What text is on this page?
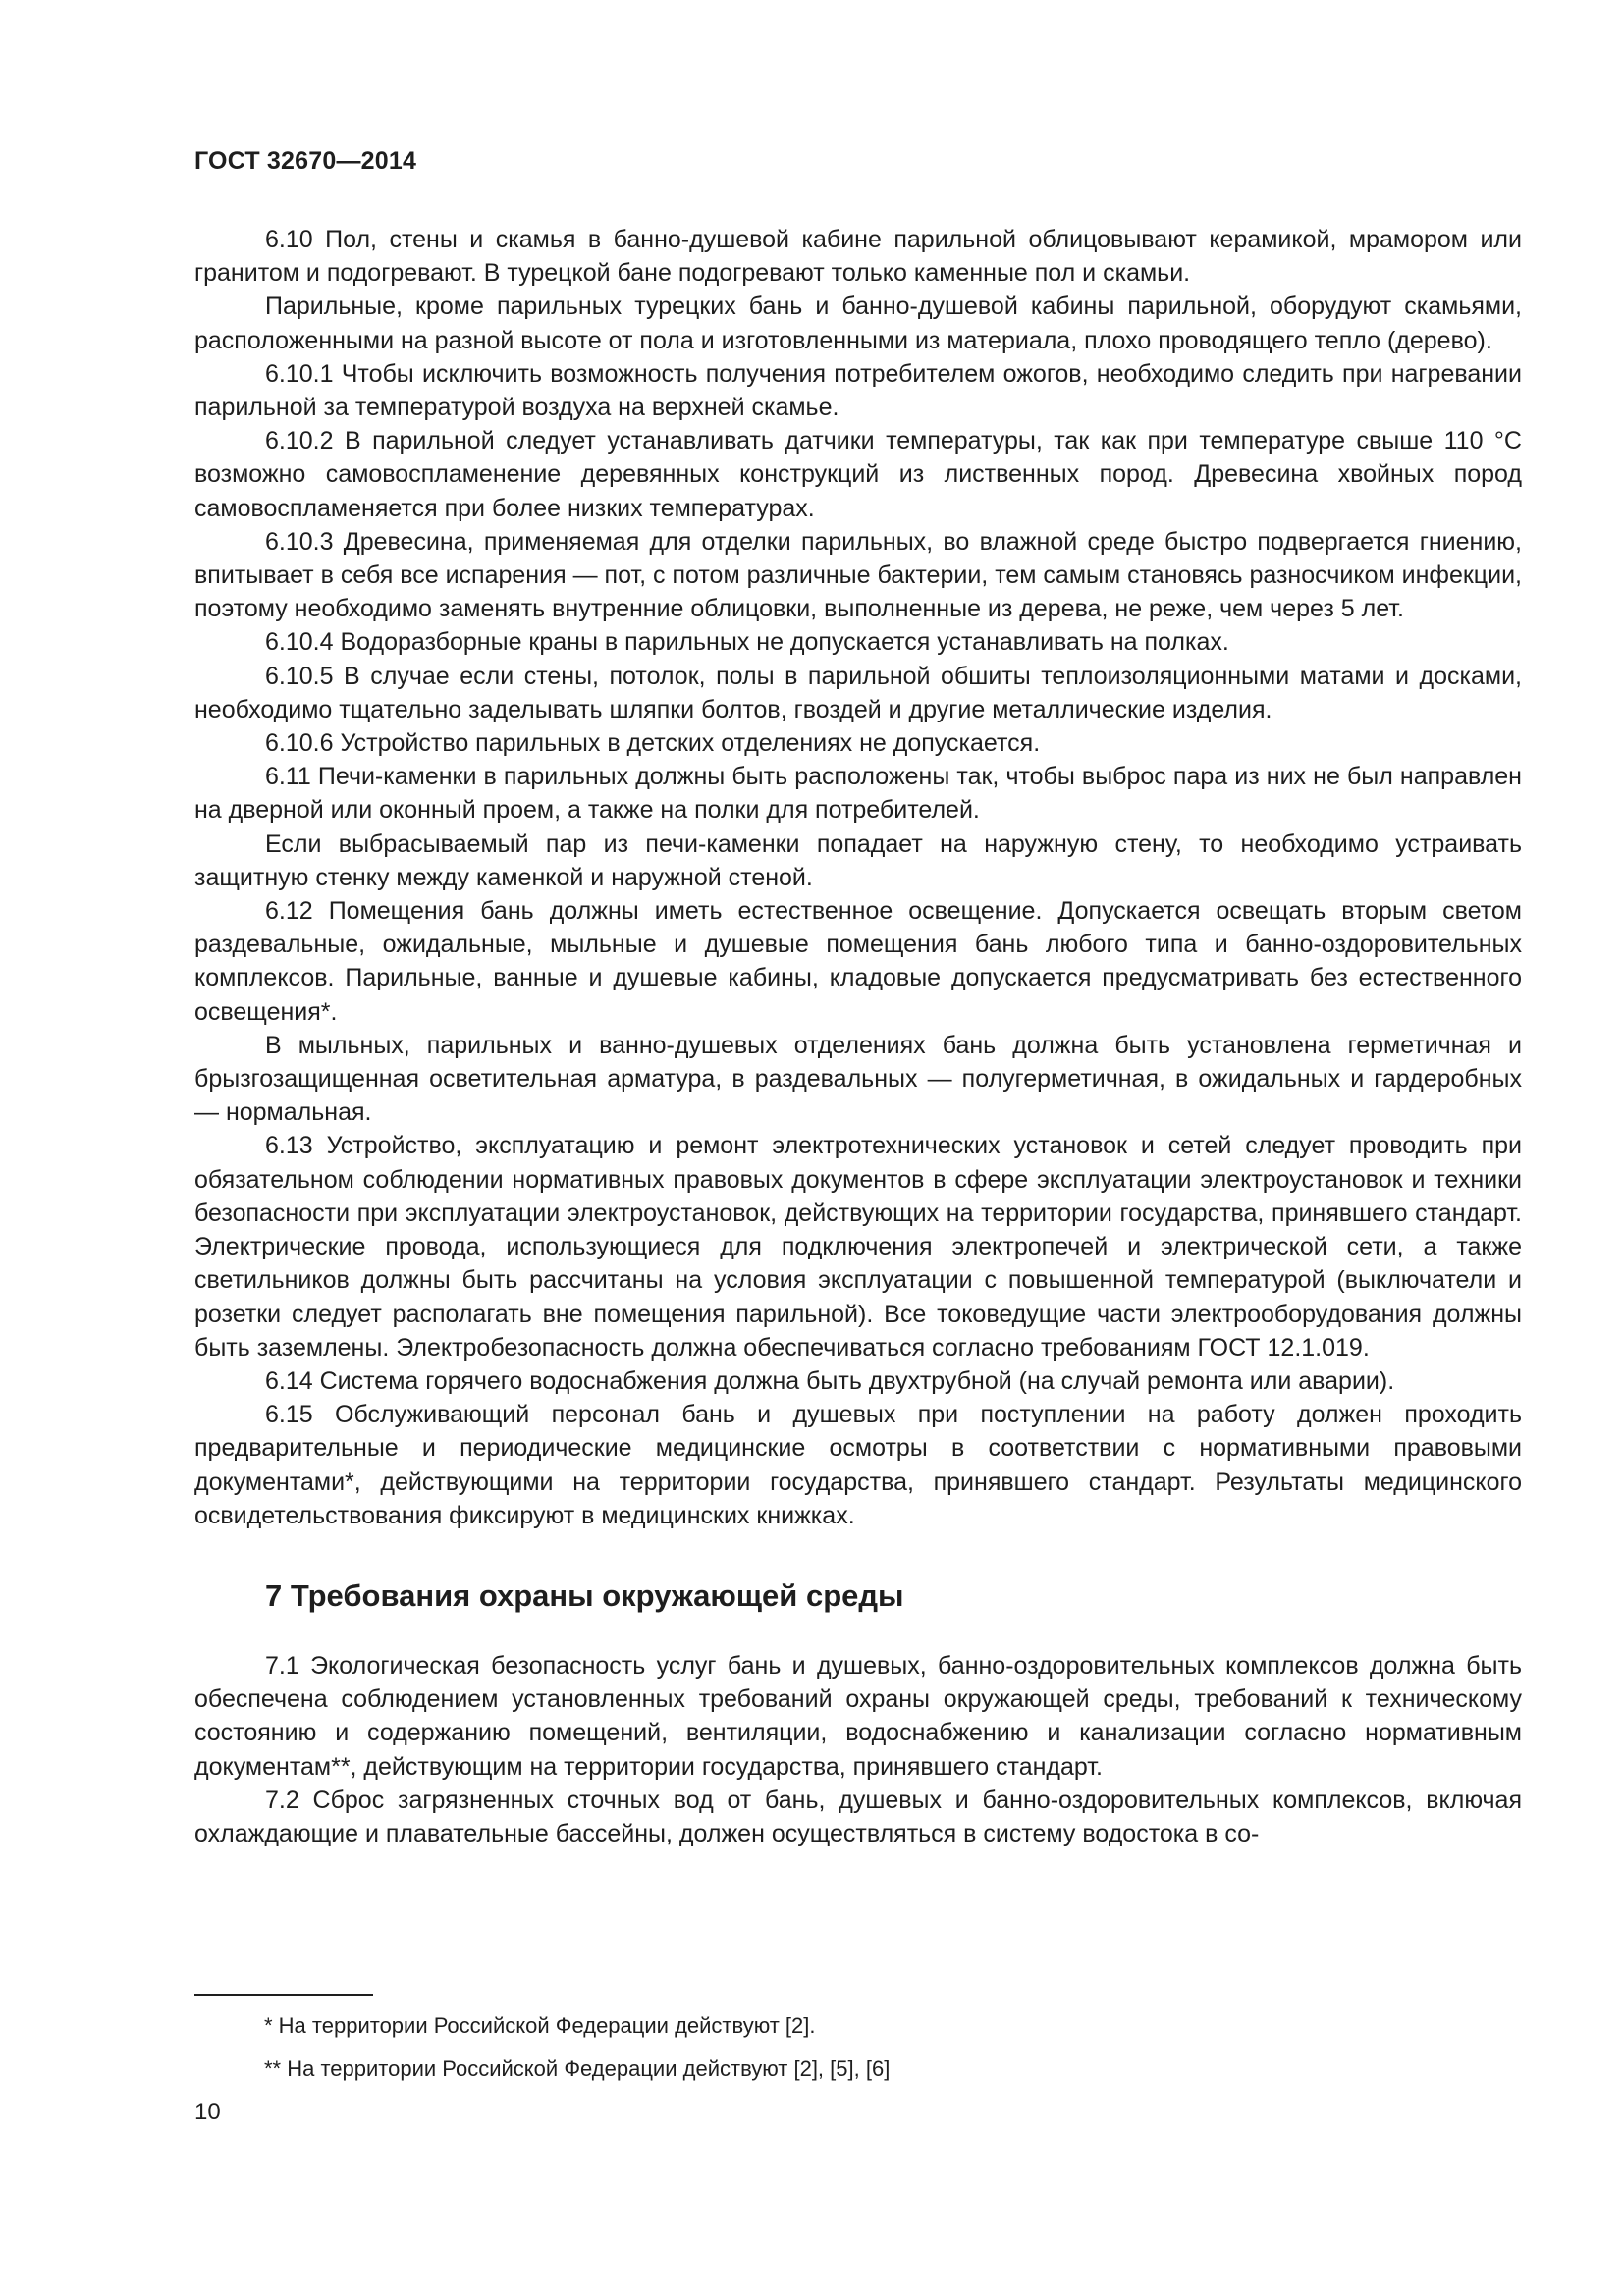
ГОСТ 32670—2014

6.10 Пол, стены и скамья в банно-душевой кабине парильной облицовывают керамикой, мрамором или гранитом и подогревают. В турецкой бане подогревают только каменные пол и скамьи.

Парильные, кроме парильных турецких бань и банно-душевой кабины парильной, оборудуют скамьями, расположенными на разной высоте от пола и изготовленными из материала, плохо проводящего тепло (дерево).

6.10.1 Чтобы исключить возможность получения потребителем ожогов, необходимо следить при нагревании парильной за температурой воздуха на верхней скамье.

6.10.2 В парильной следует устанавливать датчики температуры, так как при температуре свыше 110 °С возможно самовоспламенение деревянных конструкций из лиственных пород. Древесина хвойных пород самовоспламеняется при более низких температурах.

6.10.3 Древесина, применяемая для отделки парильных, во влажной среде быстро подвергается гниению, впитывает в себя все испарения — пот, с потом различные бактерии, тем самым становясь разносчиком инфекции, поэтому необходимо заменять внутренние облицовки, выполненные из дерева, не реже, чем через 5 лет.

6.10.4 Водоразборные краны в парильных не допускается устанавливать на полках.

6.10.5 В случае если стены, потолок, полы в парильной обшиты теплоизоляционными матами и досками, необходимо тщательно заделывать шляпки болтов, гвоздей и другие металлические изделия.

6.10.6 Устройство парильных в детских отделениях не допускается.

6.11 Печи-каменки в парильных должны быть расположены так, чтобы выброс пара из них не был направлен на дверной или оконный проем, а также на полки для потребителей.

Если выбрасываемый пар из печи-каменки попадает на наружную стену, то необходимо устраивать защитную стенку между каменкой и наружной стеной.

6.12 Помещения бань должны иметь естественное освещение. Допускается освещать вторым светом раздевальные, ожидальные, мыльные и душевые помещения бань любого типа и банно-оздоровительных комплексов. Парильные, ванные и душевые кабины, кладовые допускается предусматривать без естественного освещения*.

В мыльных, парильных и ванно-душевых отделениях бань должна быть установлена герметичная и брызгозащищенная осветительная арматура, в раздевальных — полугерметичная, в ожидальных и гардеробных — нормальная.

6.13 Устройство, эксплуатацию и ремонт электротехнических установок и сетей следует проводить при обязательном соблюдении нормативных правовых документов в сфере эксплуатации электроустановок и техники безопасности при эксплуатации электроустановок, действующих на территории государства, принявшего стандарт. Электрические провода, использующиеся для подключения электропечей и электрической сети, а также светильников должны быть рассчитаны на условия эксплуатации с повышенной температурой (выключатели и розетки следует располагать вне помещения парильной). Все токоведущие части электрооборудования должны быть заземлены. Электробезопасность должна обеспечиваться согласно требованиям ГОСТ 12.1.019.

6.14 Система горячего водоснабжения должна быть двухтрубной (на случай ремонта или аварии).

6.15 Обслуживающий персонал бань и душевых при поступлении на работу должен проходить предварительные и периодические медицинские осмотры в соответствии с нормативными правовыми документами*, действующими на территории государства, принявшего стандарт. Результаты медицинского освидетельствования фиксируют в медицинских книжках.

7 Требования охраны окружающей среды

7.1 Экологическая безопасность услуг бань и душевых, банно-оздоровительных комплексов должна быть обеспечена соблюдением установленных требований охраны окружающей среды, требований к техническому состоянию и содержанию помещений, вентиляции, водоснабжению и канализации согласно нормативным документам**, действующим на территории государства, принявшего стандарт.

7.2 Сброс загрязненных сточных вод от бань, душевых и банно-оздоровительных комплексов, включая охлаждающие и плавательные бассейны, должен осуществляться в систему водостока в со-

* На территории Российской Федерации действуют [2].
** На территории Российской Федерации действуют [2], [5], [6]
10
